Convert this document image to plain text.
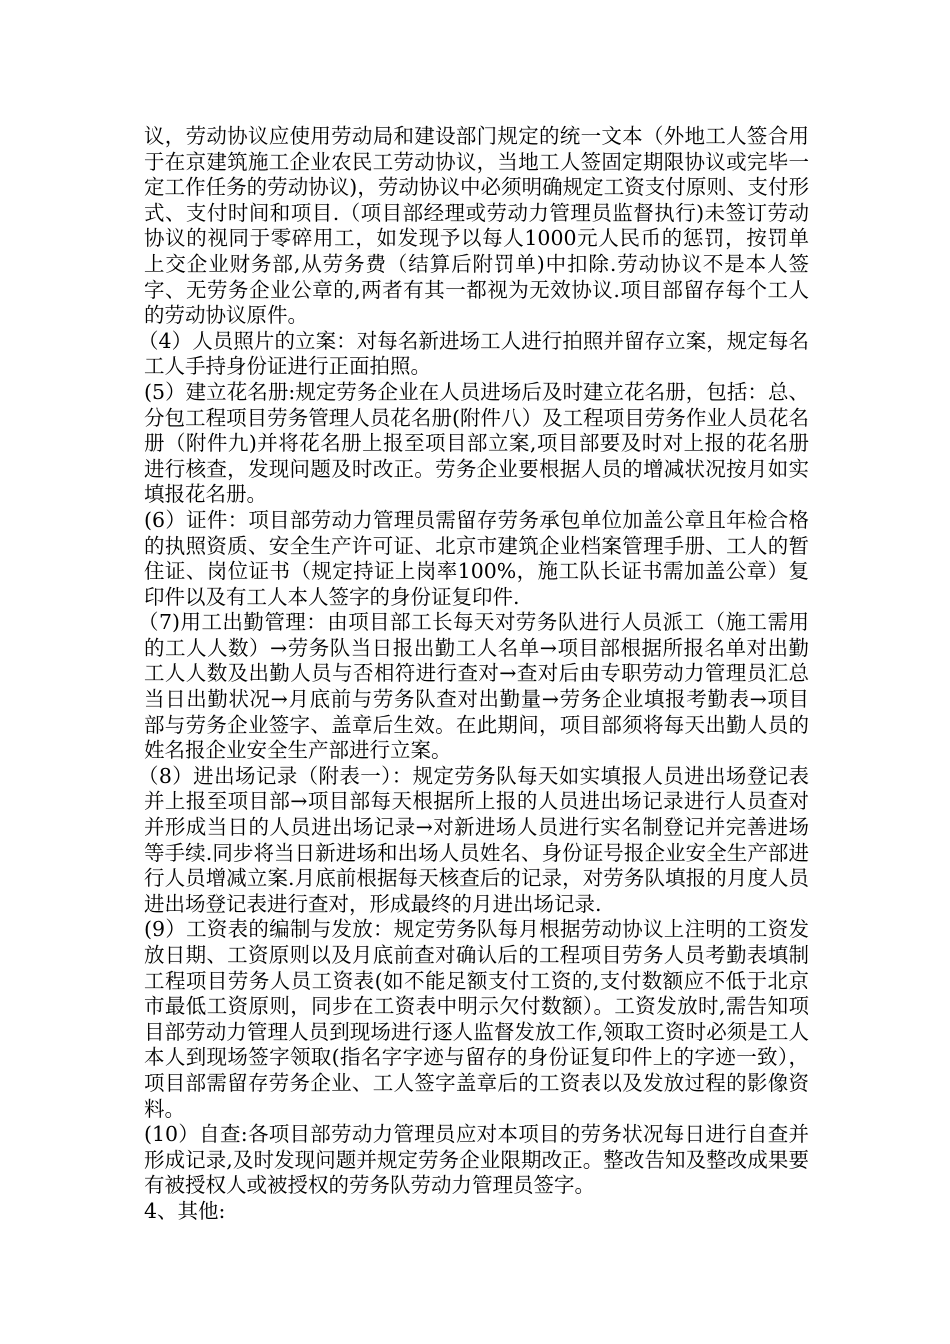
议，劳动协议应使用劳动局和建设部门规定的统一文本（外地工人签合用于在京建筑施工企业农民工劳动协议，当地工人签固定期限协议或完毕一定工作任务的劳动协议)，劳动协议中必须明确规定工资支付原则、支付形式、支付时间和项目.（项目部经理或劳动力管理员监督执行)未签订劳动协议的视同于零碎用工，如发现予以每人1000元人民币的惩罚，按罚单上交企业财务部,从劳务费（结算后附罚单)中扣除.劳动协议不是本人签字、无劳务企业公章的,两者有其一都视为无效协议.项目部留存每个工人的劳动协议原件。

（4）人员照片的立案：对每名新进场工人进行拍照并留存立案，规定每名工人手持身份证进行正面拍照。

(5）建立花名册:规定劳务企业在人员进场后及时建立花名册，包括：总、分包工程项目劳务管理人员花名册(附件八）及工程项目劳务作业人员花名册（附件九)并将花名册上报至项目部立案,项目部要及时对上报的花名册进行核查，发现问题及时改正。劳务企业要根据人员的增减状况按月如实填报花名册。

(6）证件：项目部劳动力管理员需留存劳务承包单位加盖公章且年检合格的执照资质、安全生产许可证、北京市建筑企业档案管理手册、工人的暂住证、岗位证书（规定持证上岗率100%，施工队长证书需加盖公章）复印件以及有工人本人签字的身份证复印件.

（7)用工出勤管理：由项目部工长每天对劳务队进行人员派工（施工需用的工人人数）→劳务队当日报出勤工人名单→项目部根据所报名单对出勤工人人数及出勤人员与否相符进行查对→查对后由专职劳动力管理员汇总当日出勤状况→月底前与劳务队查对出勤量→劳务企业填报考勤表→项目部与劳务企业签字、盖章后生效。在此期间，项目部须将每天出勤人员的姓名报企业安全生产部进行立案。

（8）进出场记录（附表一）：规定劳务队每天如实填报人员进出场登记表并上报至项目部→项目部每天根据所上报的人员进出场记录进行人员查对并形成当日的人员进出场记录→对新进场人员进行实名制登记并完善进场等手续.同步将当日新进场和出场人员姓名、身份证号报企业安全生产部进行人员增减立案.月底前根据每天核查后的记录，对劳务队填报的月度人员进出场登记表进行查对，形成最终的月进出场记录.

(9）工资表的编制与发放：规定劳务队每月根据劳动协议上注明的工资发放日期、工资原则以及月底前查对确认后的工程项目劳务人员考勤表填制工程项目劳务人员工资表(如不能足额支付工资的,支付数额应不低于北京市最低工资原则，同步在工资表中明示欠付数额）。工资发放时,需告知项目部劳动力管理人员到现场进行逐人监督发放工作,领取工资时必须是工人本人到现场签字领取(指名字字迹与留存的身份证复印件上的字迹一致），项目部需留存劳务企业、工人签字盖章后的工资表以及发放过程的影像资料。

(10）自查:各项目部劳动力管理员应对本项目的劳务状况每日进行自查并形成记录,及时发现问题并规定劳务企业限期改正。整改告知及整改成果要有被授权人或被授权的劳务队劳动力管理员签字。

4、其他:
